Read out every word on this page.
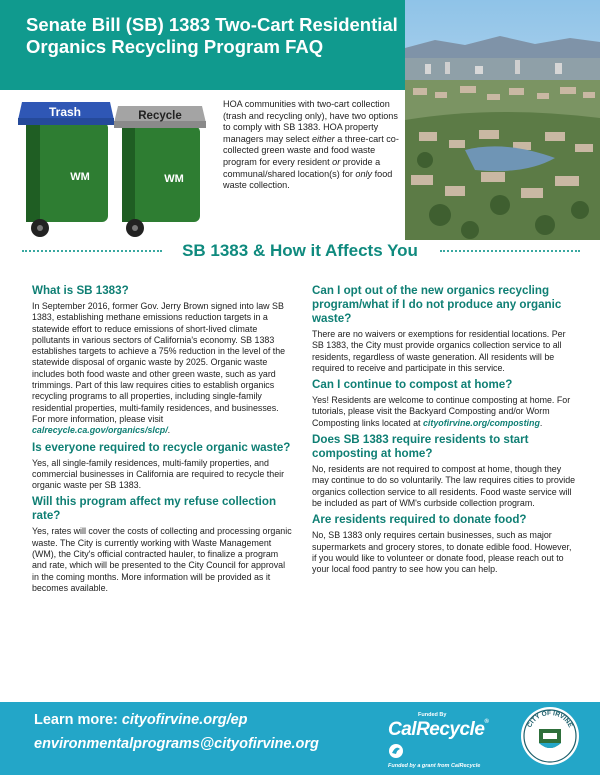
Senate Bill (SB) 1383 Two-Cart Residential
Organics Recycling Program FAQ
Trash
WM
Recycle
WM
HOA communities with two-cart collection (trash and recycling only), have two options to comply with SB 1383. HOA property managers may select either a three-cart co-collected green waste and food waste program for every resident or provide a communal/shared location(s) for only food waste collection.
SB 1383 & How it Affects You
What is SB 1383?

In September 2016, former Gov. Jerry Brown signed into law SB 1383, establishing methane emissions reduction targets in a statewide effort to reduce emissions of short-lived climate pollutants in various sectors of California's economy. SB 1383 establishes targets to achieve a 75% reduction in the level of the statewide disposal of organic waste by 2025. Organic waste includes both food waste and other green waste, such as yard trimmings. Part of this law requires cities to establish organics recycling programs to all properties, including single-family residential properties, multi-family residences, and businesses. For more information, please visit calrecycle.ca.gov/organics/slcp/.

Is everyone required to recycle organic waste?

Yes, all single-family residences, multi-family properties, and commercial businesses in California are required to recycle their organic waste per SB 1383.

Will this program affect my refuse collection rate?

Yes, rates will cover the costs of collecting and processing organic waste. The City is currently working with Waste Management (WM), the City's official contracted hauler, to finalize a program and rate, which will be presented to the City Council for approval in the coming months. More information will be provided as it becomes available.

Can I opt out of the new organics recycling program/what if I do not produce any organic waste?

There are no waivers or exemptions for residential locations. Per SB 1383, the City must provide organics collection service to all residents, regardless of waste generation. All residents will be required to receive and participate in this service.

Can I continue to compost at home?

Yes! Residents are welcome to continue composting at home. For tutorials, please visit the Backyard Composting and/or Worm Composting links located at cityofirvine.org/composting.

Does SB 1383 require residents to start composting at home?

No, residents are not required to compost at home, though they may continue to do so voluntarily. The law requires cities to provide organics collection service to all residents. Food waste service will be included as part of WM's curbside collection program.

Are residents required to donate food?

No, SB 1383 only requires certain businesses, such as major supermarkets and grocery stores, to donate edible food. However, if you would like to volunteer or donate food, please reach out to your local food pantry to see how you can help.

Learn more: cityofirvine.org/ep
environmentalprograms@cityofirvine.org
Funded By
CalRecycle®
Funded by a grant from CalRecycle
CITY OF IRVINE
